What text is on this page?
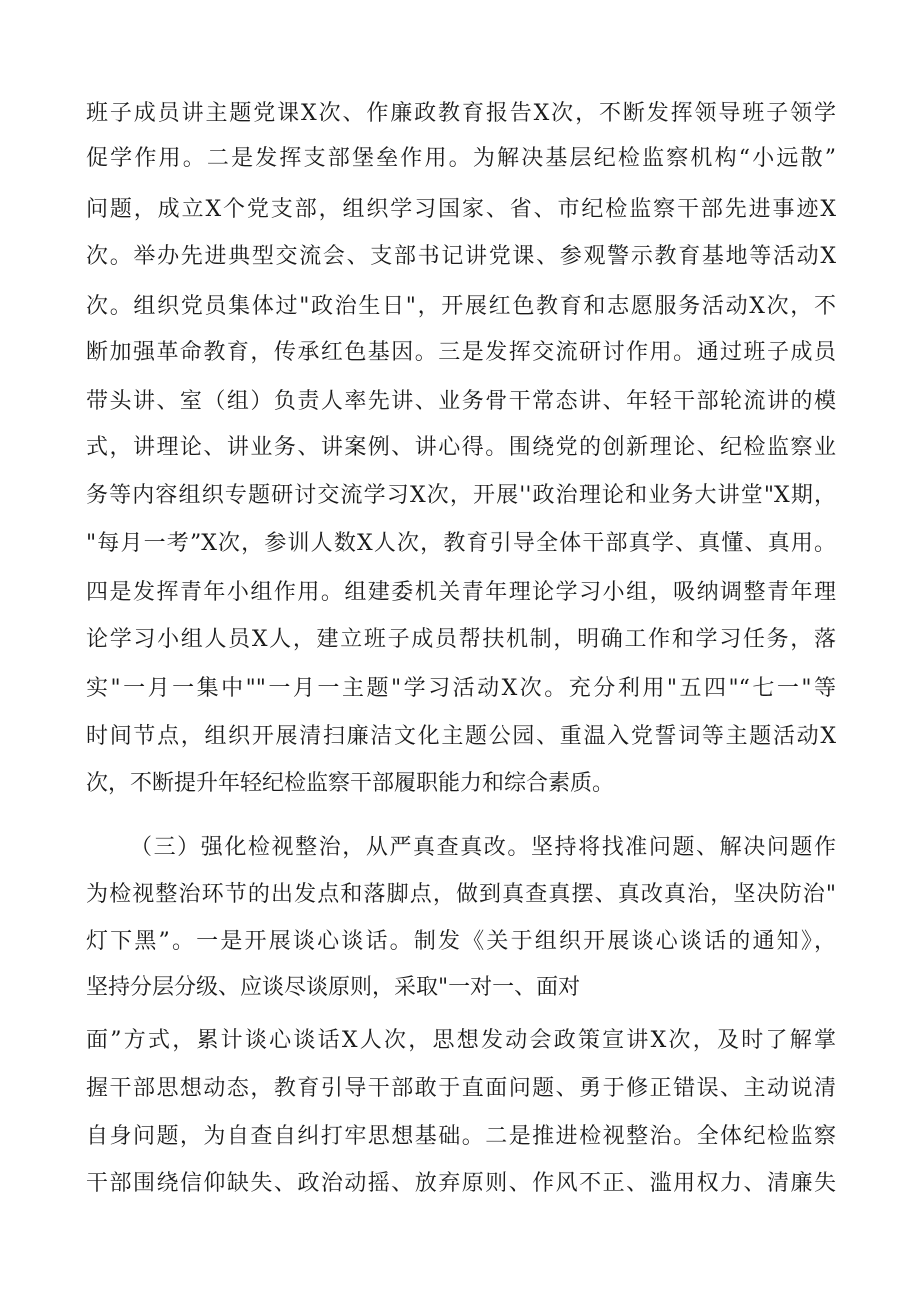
班子成员讲主题党课X次、作廉政教育报告X次，不断发挥领导班子领学
促学作用。二是发挥支部堡垒作用。为解决基层纪检监察机构“小远散”
问题，成立X个党支部，组织学习国家、省、市纪检监察干部先进事迹X
次。举办先进典型交流会、支部书记讲党课、参观警示教育基地等活动X
次。组织党员集体过"政治生日"，开展红色教育和志愿服务活动X次，不
断加强革命教育，传承红色基因。三是发挥交流研讨作用。通过班子成员
带头讲、室（组）负责人率先讲、业务骨干常态讲、年轻干部轮流讲的模
式，讲理论、讲业务、讲案例、讲心得。围绕党的创新理论、纪检监察业
务等内容组织专题研讨交流学习X次，开展''政治理论和业务大讲堂"X期，
"每月一考”X次，参训人数X人次，教育引导全体干部真学、真懂、真用。
四是发挥青年小组作用。组建委机关青年理论学习小组，吸纳调整青年理
论学习小组人员X人，建立班子成员帮扶机制，明确工作和学习任务，落
实"一月一集中""一月一主题"学习活动X次。充分利用"五四"“七一"等
时间节点，组织开展清扫廉洁文化主题公园、重温入党誓词等主题活动X
次，不断提升年轻纪检监察干部履职能力和综合素质。
（三）强化检视整治，从严真查真改。坚持将找准问题、解决问题作
为检视整治环节的出发点和落脚点，做到真查真摆、真改真治，坚决防治"
灯下黑”。一是开展谈心谈话。制发《关于组织开展谈心谈话的通知》，
坚持分层分级、应谈尽谈原则，采取"一对一、面对
面”方式，累计谈心谈话X人次，思想发动会政策宣讲X次，及时了解掌
握干部思想动态，教育引导干部敢于直面问题、勇于修正错误、主动说清
自身问题，为自查自纠打牢思想基础。二是推进检视整治。全体纪检监察
干部围绕信仰缺失、政治动摇、放弃原则、作风不正、滥用权力、清廉失
